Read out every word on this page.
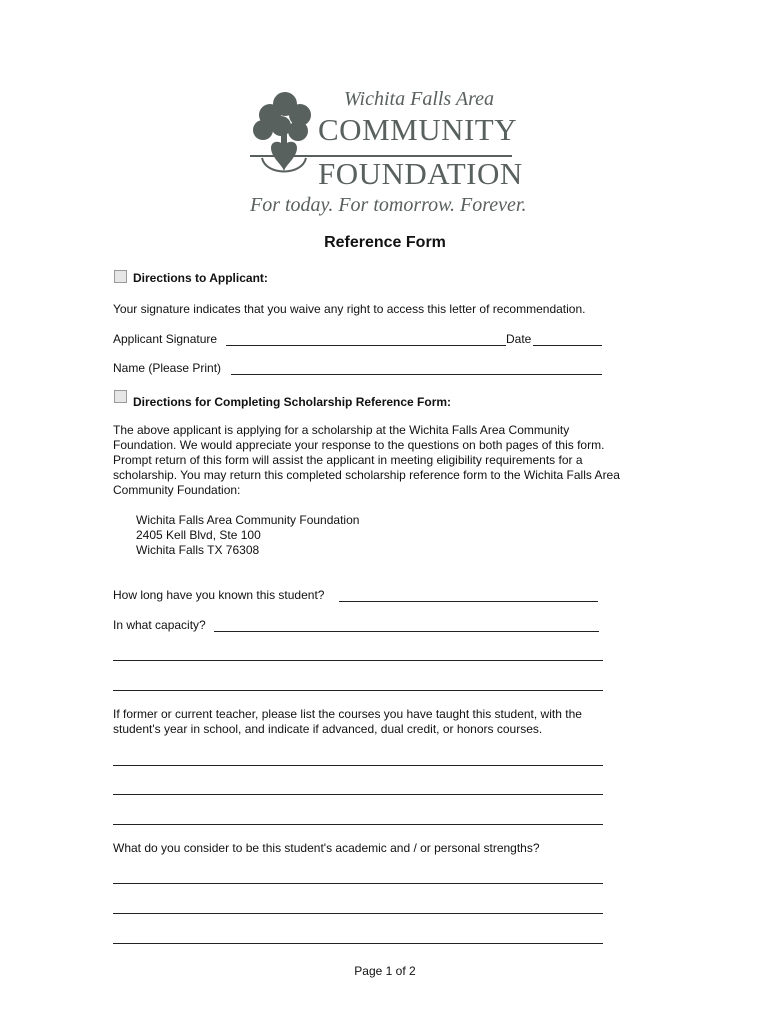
Wichita Falls Area
COMMUNITY
FOUNDATION
For today. For tomorrow. Forever.
Reference Form
Directions to Applicant:
Your signature indicates that you waive any right to access this letter of recommendation.
Applicant Signature	Date
Name (Please Print)
Directions for Completing Scholarship Reference Form:
The above applicant is applying for a scholarship at the Wichita Falls Area Community
Foundation. We would appreciate your response to the questions on both pages of this form.
Prompt return of this form will assist the applicant in meeting eligibility requirements for a
scholarship. You may return this completed scholarship reference form to the Wichita Falls Area
Community Foundation:
Wichita Falls Area Community Foundation
2405 Kell Blvd, Ste 100
Wichita Falls TX 76308
How long have you known this student?
In what capacity?
If former or current teacher, please list the courses you have taught this student, with the
student's year in school, and indicate if advanced, dual credit, or honors courses.
What do you consider to be this student's academic and / or personal strengths?
Page 1 of 2
